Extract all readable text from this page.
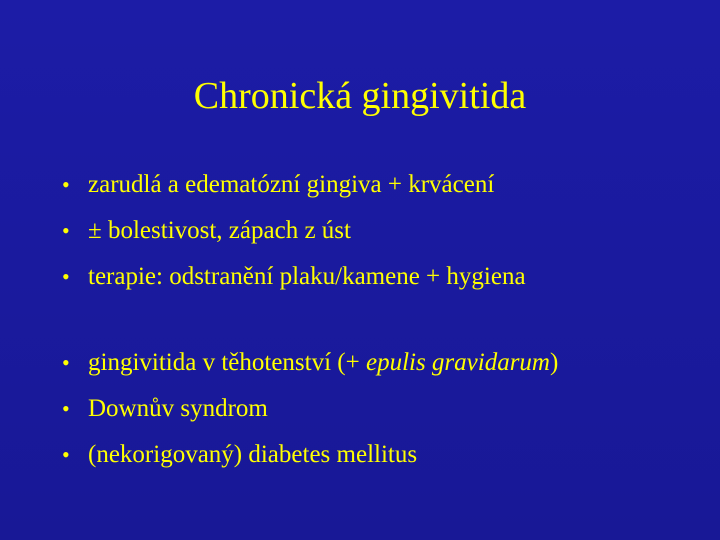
Chronická gingivitida
• zarudlá a edematózní gingiva + krvácení
• ± bolestivost, zápach z úst
• terapie: odstranění plaku/kamene + hygiena
• gingivitida v těhotenství (+ epulis gravidarum)
• Downův syndrom
• (nekorigovaný) diabetes mellitus
